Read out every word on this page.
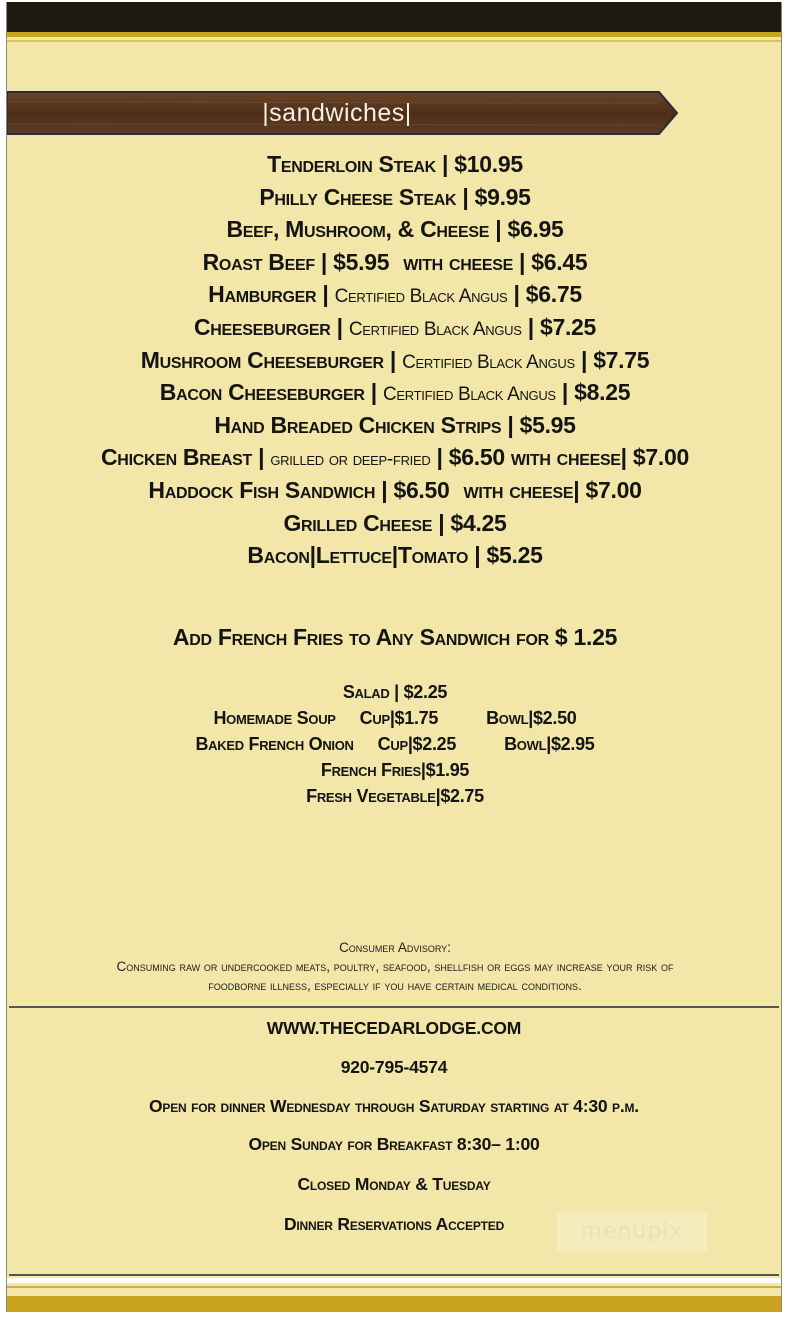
|sandwiches|
Tenderloin Steak | $10.95
Philly Cheese Steak | $9.95
Beef, Mushroom, & Cheese | $6.95
Roast Beef | $5.95 with cheese | $6.45
Hamburger | Certified Black Angus | $6.75
Cheeseburger | Certified Black Angus | $7.25
Mushroom Cheeseburger | Certified Black Angus | $7.75
Bacon Cheeseburger | Certified Black Angus | $8.25
Hand Breaded Chicken Strips | $5.95
Chicken Breast | grilled or deep-fried | $6.50 with cheese| $7.00
Haddock Fish Sandwich | $6.50 with cheese| $7.00
Grilled Cheese | $4.25
Bacon|Lettuce|Tomato | $5.25
Add French Fries to Any Sandwich for $ 1.25
Salad | $2.25
Homemade Soup Cup|$1.75	Bowl|$2.50
Baked French Onion Cup|$2.25	Bowl|$2.95
French Fries|$1.95
Fresh Vegetable|$2.75
Consumer Advisory:
Consuming raw or undercooked meats, poultry, seafood, shellfish or eggs may increase your risk of
foodborne illness, especially if you have certain medical conditions.
WWW.THECEDARLODGE.COM
920-795-4574
Open for dinner Wednesday through Saturday starting at 4:30 p.m.
Open Sunday for Breakfast 8:30– 1:00
Closed Monday & Tuesday
Dinner Reservations Accepted	menupix
